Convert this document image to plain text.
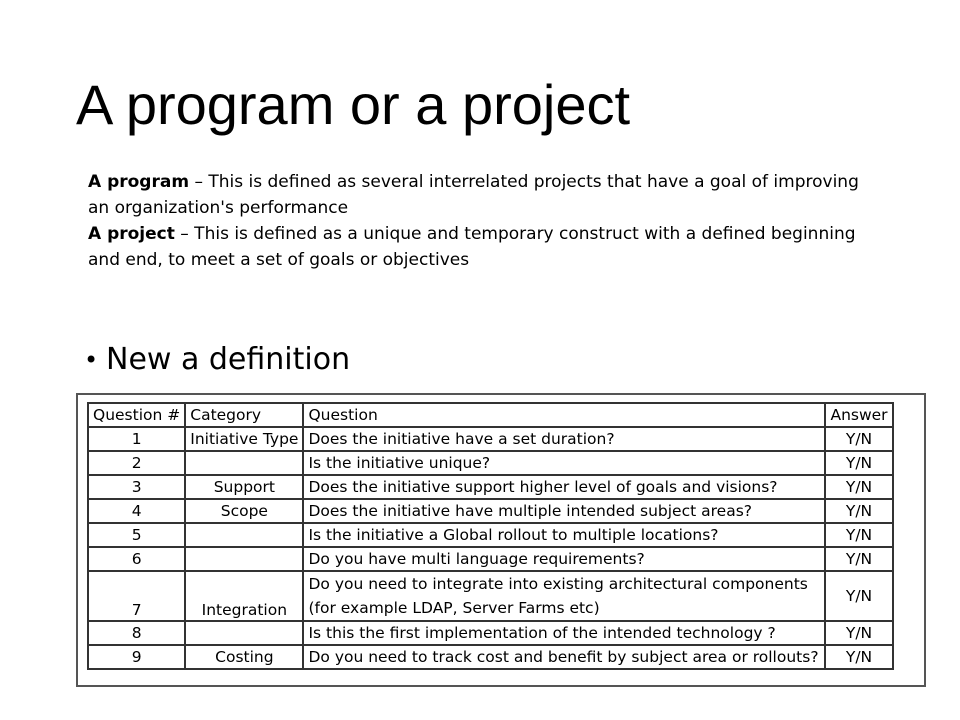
A program or a project

A program – This is defined as several interrelated projects that have a goal of improving an organization's performance

A project – This is defined as a unique and temporary construct with a defined beginning and end, to meet a set of goals or objectives

• New a definition
Question #	Category	Question	Answer
1	Initiative Type	Does the initiative have a set duration?	Y/N
2		Is the initiative unique?	Y/N
3	Support	Does the initiative support higher level of goals and visions?	Y/N
4	Scope	Does the initiative have multiple intended subject areas?	Y/N
5		Is the initiative a Global rollout to multiple locations?	Y/N
6		Do you have multi language requirements?	Y/N
7	Integration	Do you need to integrate into existing architectural components (for example LDAP, Server Farms etc)	Y/N
8		Is this the first implementation of the intended technology ?	Y/N
9	Costing	Do you need to track cost and benefit by subject area or rollouts?	Y/N
